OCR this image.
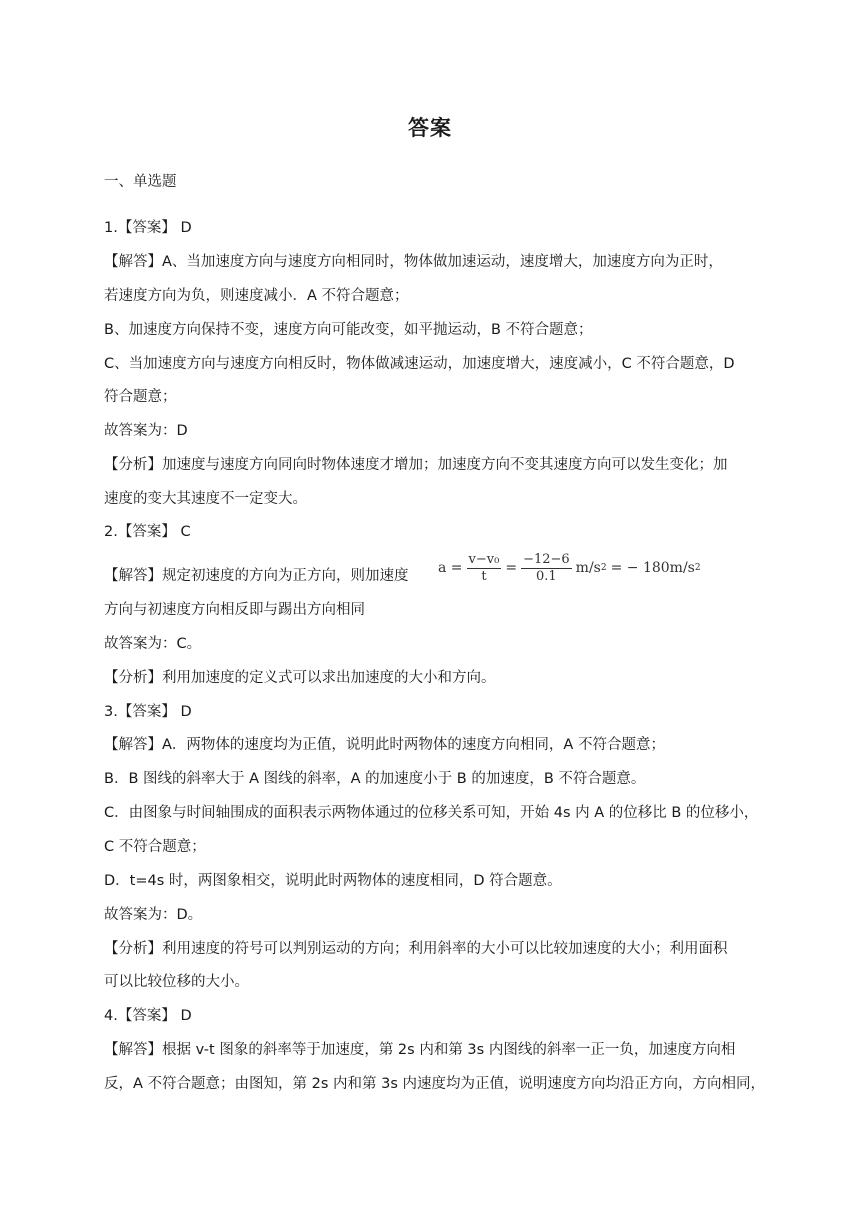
答案
一、单选题
1.【答案】 D
【解答】A、当加速度方向与速度方向相同时，物体做加速运动，速度增大，加速度方向为正时，
若速度方向为负，则速度减小．A 不符合题意；
B、加速度方向保持不变，速度方向可能改变，如平抛运动，B 不符合题意；
C、当加速度方向与速度方向相反时，物体做减速运动，加速度增大，速度减小，C 不符合题意，D
符合题意；
故答案为：D
【分析】加速度与速度方向同向时物体速度才增加；加速度方向不变其速度方向可以发生变化；加
速度的变大其速度不一定变大。
2.【答案】 C
【解答】规定初速度的方向为正方向，则加速度	$a = \frac{\text{v−v₀}}{t} = \frac{-12-6}{0.1} m/s$ 2 = − 180m/s 2
方向与初速度方向相反即与踢出方向相同
故答案为：C。
【分析】利用加速度的定义式可以求出加速度的大小和方向。
3.【答案】 D
【解答】A．两物体的速度均为正值，说明此时两物体的速度方向相同，A 不符合题意；
B．B 图线的斜率大于 A 图线的斜率，A 的加速度小于 B 的加速度，B 不符合题意。
C．由图象与时间轴围成的面积表示两物体通过的位移关系可知，开始 4s 内 A 的位移比 B 的位移小，
C 不符合题意；
D．t=4s 时，两图象相交，说明此时两物体的速度相同，D 符合题意。
故答案为：D。
【分析】利用速度的符号可以判别运动的方向；利用斜率的大小可以比较加速度的大小；利用面积
可以比较位移的大小。
4.【答案】 D
【解答】根据 v-t 图象的斜率等于加速度，第 2s 内和第 3s 内图线的斜率一正一负，加速度方向相
反，A 不符合题意；由图知，第 2s 内和第 3s 内速度均为正值，说明速度方向均沿正方向，方向相同，
